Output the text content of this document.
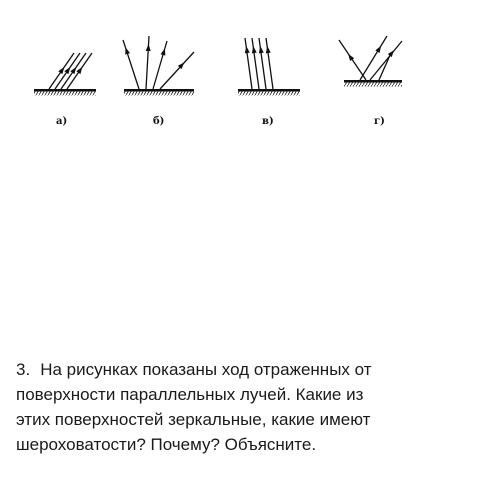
а)	б)	в)	г)

3. На рисунках показаны ход отраженных от
поверхности параллельных лучей. Какие из
этих поверхностей зеркальные, какие имеют
шероховатости? Почему? Объясните.
